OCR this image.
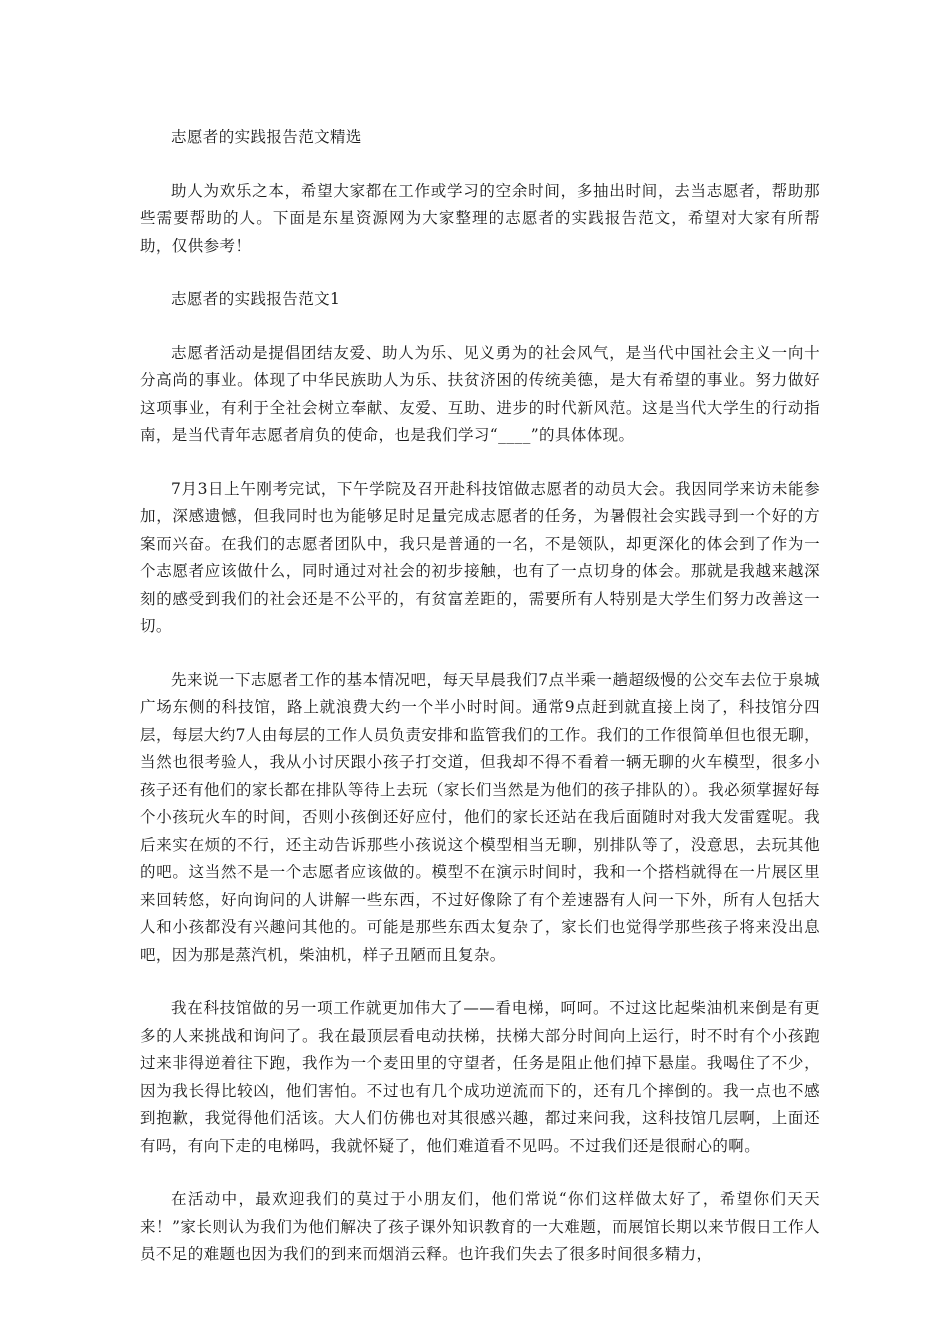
志愿者的实践报告范文精选

助人为欢乐之本，希望大家都在工作或学习的空余时间，多抽出时间，去当志愿者，帮助那些需要帮助的人。下面是东星资源网为大家整理的志愿者的实践报告范文，希望对大家有所帮助，仅供参考！

志愿者的实践报告范文1

志愿者活动是提倡团结友爱、助人为乐、见义勇为的社会风气，是当代中国社会主义一向十分高尚的事业。体现了中华民族助人为乐、扶贫济困的传统美德，是大有希望的事业。努力做好这项事业，有利于全社会树立奉献、友爱、互助、进步的时代新风范。这是当代大学生的行动指南，是当代青年志愿者肩负的使命，也是我们学习“____”的具体体现。

7月3日上午刚考完试，下午学院及召开赴科技馆做志愿者的动员大会。我因同学来访未能参加，深感遗憾，但我同时也为能够足时足量完成志愿者的任务，为暑假社会实践寻到一个好的方案而兴奋。在我们的志愿者团队中，我只是普通的一名，不是领队，却更深化的体会到了作为一个志愿者应该做什么，同时通过对社会的初步接触，也有了一点切身的体会。那就是我越来越深刻的感受到我们的社会还是不公平的，有贫富差距的，需要所有人特别是大学生们努力改善这一切。

先来说一下志愿者工作的基本情况吧，每天早晨我们7点半乘一趟超级慢的公交车去位于泉城广场东侧的科技馆，路上就浪费大约一个半小时时间。通常9点赶到就直接上岗了，科技馆分四层，每层大约7人由每层的工作人员负责安排和监管我们的工作。我们的工作很简单但也很无聊，当然也很考验人，我从小讨厌跟小孩子打交道，但我却不得不看着一辆无聊的火车模型，很多小孩子还有他们的家长都在排队等待上去玩（家长们当然是为他们的孩子排队的）。我必须掌握好每个小孩玩火车的时间，否则小孩倒还好应付，他们的家长还站在我后面随时对我大发雷霆呢。我后来实在烦的不行，还主动告诉那些小孩说这个模型相当无聊，别排队等了，没意思，去玩其他的吧。这当然不是一个志愿者应该做的。模型不在演示时间时，我和一个搭档就得在一片展区里来回转悠，好向询问的人讲解一些东西，不过好像除了有个差速器有人问一下外，所有人包括大人和小孩都没有兴趣问其他的。可能是那些东西太复杂了，家长们也觉得学那些孩子将来没出息吧，因为那是蒸汽机，柴油机，样子丑陋而且复杂。

我在科技馆做的另一项工作就更加伟大了——看电梯，呵呵。不过这比起柴油机来倒是有更多的人来挑战和询问了。我在最顶层看电动扶梯，扶梯大部分时间向上运行，时不时有个小孩跑过来非得逆着往下跑，我作为一个麦田里的守望者，任务是阻止他们掉下悬崖。我喝住了不少，因为我长得比较凶，他们害怕。不过也有几个成功逆流而下的，还有几个摔倒的。我一点也不感到抱歉，我觉得他们活该。大人们仿佛也对其很感兴趣，都过来问我，这科技馆几层啊，上面还有吗，有向下走的电梯吗，我就怀疑了，他们难道看不见吗。不过我们还是很耐心的啊。

在活动中，最欢迎我们的莫过于小朋友们，他们常说“你们这样做太好了，希望你们天天来！”家长则认为我们为他们解决了孩子课外知识教育的一大难题，而展馆长期以来节假日工作人员不足的难题也因为我们的到来而烟消云释。也许我们失去了很多时间很多精力，
